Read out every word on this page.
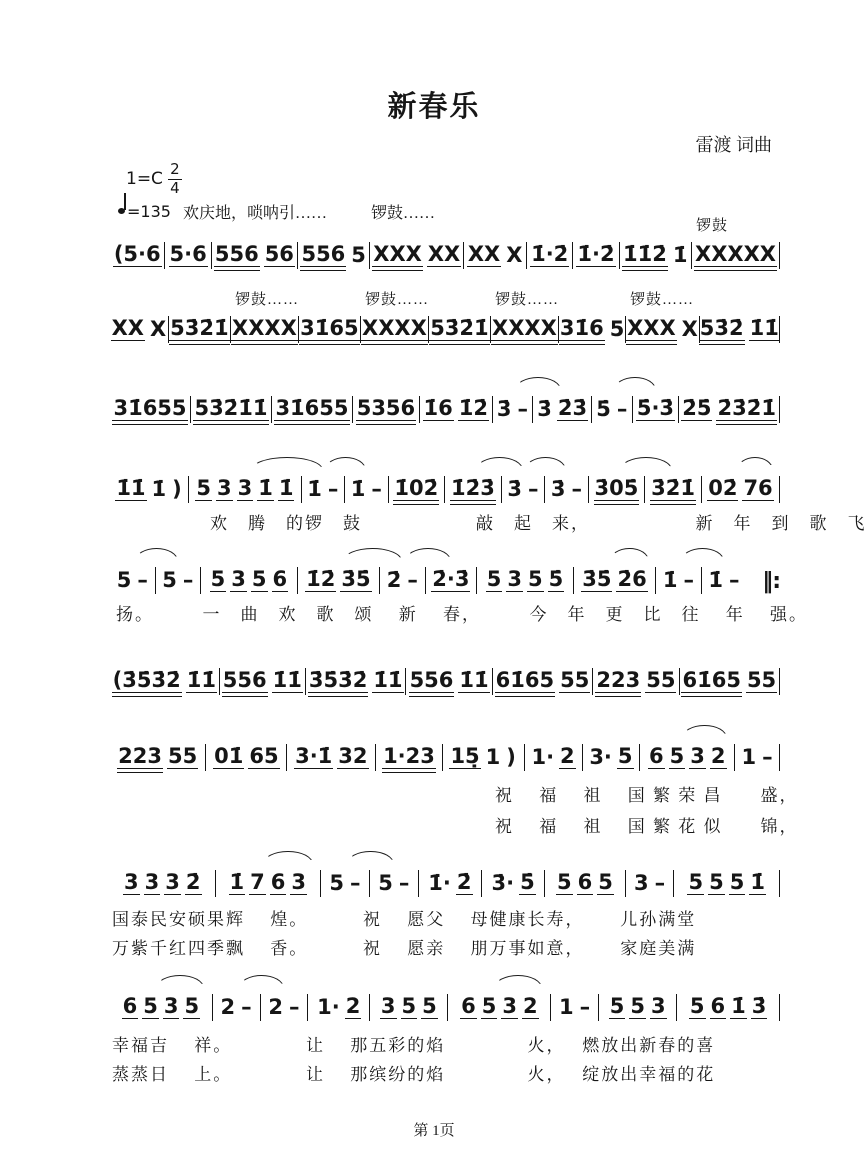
新春乐
雷渡 词曲
$1=C \frac{2}{4}$
=135 欢庆地，唢呐引……	锣鼓……
(5·6 5·6 556 56 556 5 XXX XX XX X 1̇·2̇ 1̇·2̇ 1̇1̇2̇ 1̇ XXXXX
锣鼓
XX X 53̇2̇1̇ XXXX 31̇65 XXXX 53̇2̇1̇ XXXX 31̇6 5 XXX X 53̇2̇ 1̇1̇
锣鼓……	锣鼓……	锣鼓……	锣鼓……
31̇655 53̇2̇1̇1̇ 31̇655 5356 1̇6 1̇2̇ 3̇ – 3̇ 2̇3̇ 5̇ – 5̇·3̇ 2̇5̇ 2̇3̇2̇1̇
1̇1̇ 1̇ ) 5 3 3 1̇ 1̇ 1̇ – 1̇ – 1̇02̇ 1̇2̇3̇ 3̇ – 3̇ – 3̇05̇ 3̇2̇1̇ 02̇ 76
欢　腾　的锣　鼓　　　　　　敲　起　来，　　　　　　新　年　到　歌　飞
5 – 5 – 5 3 5 6 1̇2̇ 3̇5̇ 2̇ – 2̇·3̇ 5 3 5 5̇ 3̇5̇ 2̇6 1̇ – 1̇ – ‖:
扬。　　　一　曲　欢　歌　颂　 新　 春，　　　今　年　更　比　往　 年　 强。
(3̇5̇3̇2̇ 1̇1̇ 556 1̇1̇ 3̇5̇3̇2̇ 1̇1̇ 556 1̇1̇ 61̇65 55 223 55 61̇65 55
223 55 01̇ 65 3·1̇ 32 1·23 15̣ 1 ) 1· 2 3· 5 6 5 3 2 1 –
祝　 福　 祖　 国 繁 荣 昌　　盛，
祝　 福　 祖　 国 繁 花 似　　锦，
3 3 3 2̇ 1̇ 7 6 3 5 – 5 – 1̇· 2̇ 3̇· 5̇ 5 6 5 3 – 5 5 5 1̇
国泰民安硕果辉　 煌。　　　 祝　 愿父　 母健康长寿，　　 儿孙满堂
万紫千红四季飘　 香。　　　 祝　 愿亲　 朋万事如意，　　 家庭美满
6 5 3 5 2 – 2 – 1· 2 3 5 5 6 5 3 2 1 – 5 5 3 5 6 1̇ 3̇
幸福吉　 祥。　　　　 让　 那五彩的焰　　　　 火，　 燃放出新春的喜
蒸蒸日　 上。　　　　 让　 那缤纷的焰　　　　 火，　 绽放出幸福的花
第 1页
